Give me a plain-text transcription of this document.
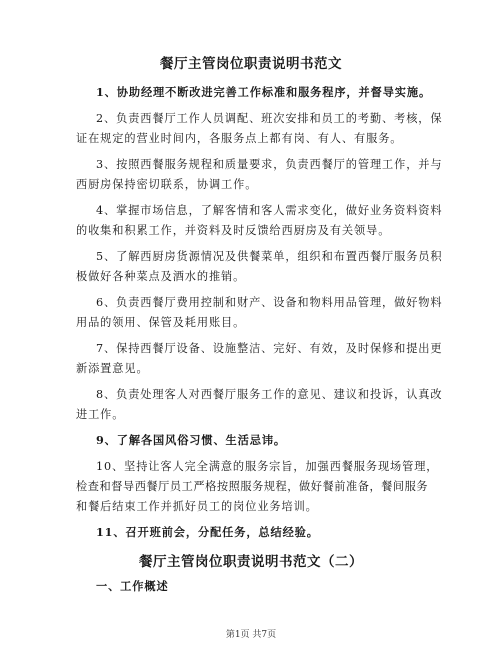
餐厅主管岗位职责说明书范文
1、协助经理不断改进完善工作标准和服务程序，并督导实施。
2、负责西餐厅工作人员调配、班次安排和员工的考勤、考核，保
证在规定的营业时间内，各服务点上都有岗、有人、有服务。
3、按照西餐服务规程和质量要求，负责西餐厅的管理工作，并与
西厨房保持密切联系，协调工作。
4、掌握市场信息，了解客情和客人需求变化，做好业务资料资料
的收集和积累工作，并资料及时反馈给西厨房及有关领导。
5、了解西厨房货源情况及供餐菜单，组织和布置西餐厅服务员积
极做好各种菜点及酒水的推销。
6、负责西餐厅费用控制和财产、设备和物料用品管理，做好物料
用品的领用、保管及耗用账目。
7、保持西餐厅设备、设施整洁、完好、有效，及时保修和提出更
新添置意见。
8、负责处理客人对西餐厅服务工作的意见、建议和投诉，认真改
进工作。
9、了解各国风俗习惯、生活忌讳。
10、坚持让客人完全满意的服务宗旨，加强西餐服务现场管理，
检查和督导西餐厅员工严格按照服务规程，做好餐前准备，餐间服务
和餐后结束工作并抓好员工的岗位业务培训。
11、召开班前会，分配任务，总结经验。
餐厅主管岗位职责说明书范文（二）
一、工作概述
第1页 共7页
